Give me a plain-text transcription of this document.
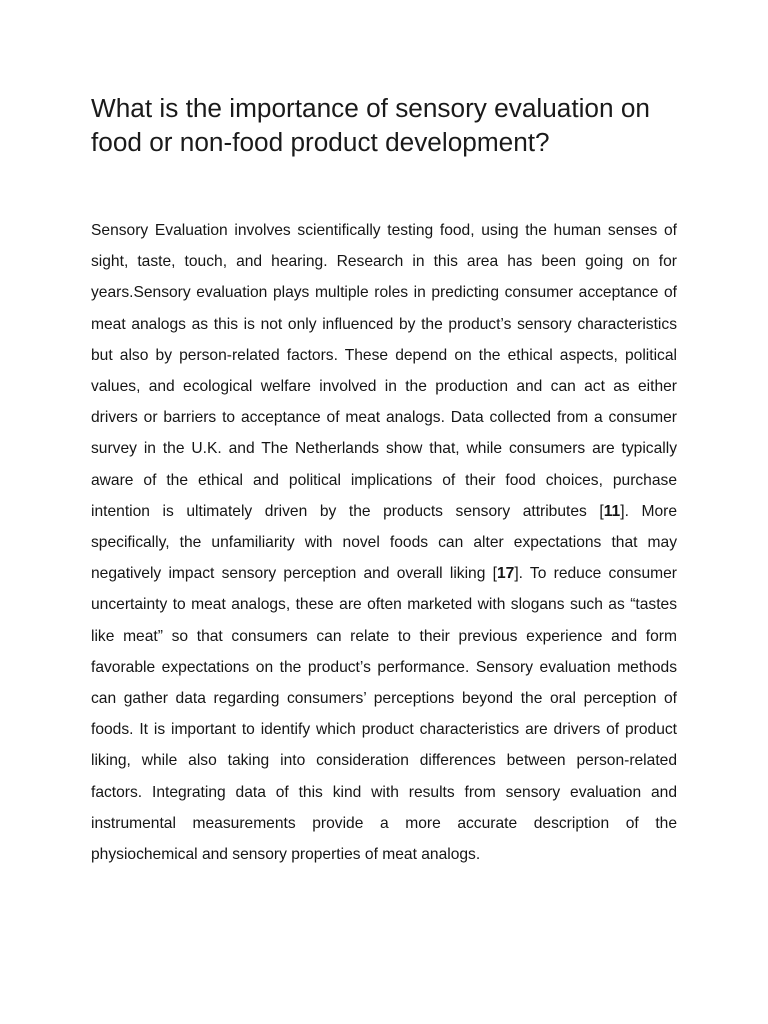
What is the importance of sensory evaluation on food or non-food product development?

Sensory Evaluation involves scientifically testing food, using the human senses of sight, taste, touch, and hearing. Research in this area has been going on for years.Sensory evaluation plays multiple roles in predicting consumer acceptance of meat analogs as this is not only influenced by the product’s sensory characteristics but also by person-related factors. These depend on the ethical aspects, political values, and ecological welfare involved in the production and can act as either drivers or barriers to acceptance of meat analogs. Data collected from a consumer survey in the U.K. and The Netherlands show that, while consumers are typically aware of the ethical and political implications of their food choices, purchase intention is ultimately driven by the products sensory attributes [11]. More specifically, the unfamiliarity with novel foods can alter expectations that may negatively impact sensory perception and overall liking [17]. To reduce consumer uncertainty to meat analogs, these are often marketed with slogans such as “tastes like meat” so that consumers can relate to their previous experience and form favorable expectations on the product’s performance. Sensory evaluation methods can gather data regarding consumers’ perceptions beyond the oral perception of foods. It is important to identify which product characteristics are drivers of product liking, while also taking into consideration differences between person-related factors. Integrating data of this kind with results from sensory evaluation and instrumental measurements provide a more accurate description of the physiochemical and sensory properties of meat analogs.
